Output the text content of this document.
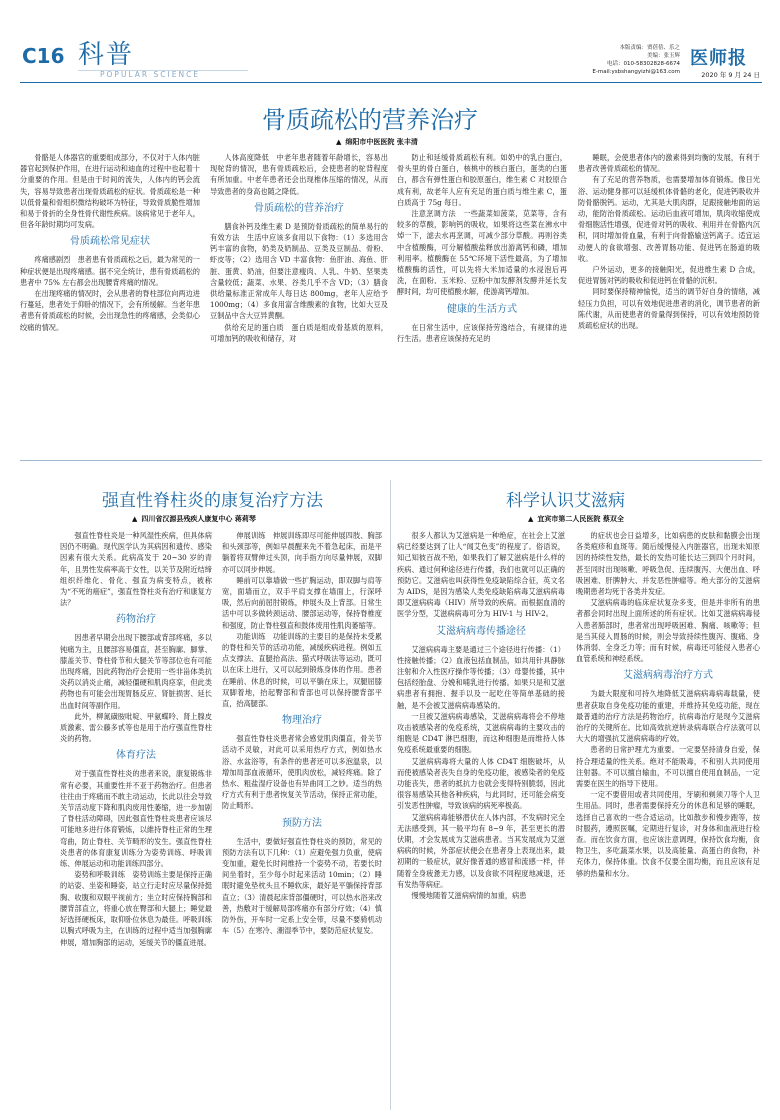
C16 科普
POPULAR SCIENCE
本版责编：贾蓓蓓、乐之
美编：张玉辉
电话：010-58302828-6674
E-mail:ysbshangyizhi@163.com
医师报
2020 年 9 月 24 日
骨质疏松的营养治疗
▲ 绵阳市中医医院 张丰清

骨骼是人体器官的重要组成部分，不仅对于人体内脏器官起到保护作用，在进行运动和迪血的过程中也起着十分重要的作用。但是由于时间的流失，人体内的钙会流失，容易导致患者出现骨质疏松的症状。骨质疏松是一种以低骨量和骨组织微结构破坏为特征，导致骨质脆性增加和易于骨折的全身性骨代谢性疾病。该病常见于老年人，但各年龄时期均可发病。

骨质疏松常见症状

疼痛感剧烈　患者患有骨质疏松之后，最为常见的一种症状便是出现疼痛感。据不完全统计，患有骨质疏松的患者中 75% 左右都会出现腰背疼痛的情况。

在出现疼痛的情况时，会从患者的脊柱部位向两边进行蔓延，患者处于仰卧的情况下，会有所缓解。当老年患者患有骨质疏松的时候，会出现急性的疼痛感，会类似心绞痛的情况。

人体高度降低　中老年患者随着年龄增长，容易出现驼背的情况，患有骨质疏松后，会使患者的驼背程度有所加重。中老年患者还会出现椎体压缩的情况，从而导致患者的身高也随之降低。

骨质疏松的营养治疗

膳食补钙及维生素 D 是预防骨质疏松的简单易行的有效方法　生活中应该多食用以下食物：（1）多选用含钙丰富的食物，奶类及奶制品、豆类及豆制品、骨粉、虾皮等；（2）选用含 VD 丰富食物：鱼肝油、海鱼、肝脏、蛋黄、奶油，但要注意瘦肉、人乳、牛奶、坚果类含量较低；蔬菜、水果、谷类几乎不含 VD；（3）膳食供给量标准正常成年人每日达 800mg，老年人应给予 1000mg；（4）多食用富含维酸素的食物，比如大豆及豆制品中含大豆异黄酮。

供给充足的蛋白质　蛋白质是组成骨基质的原料，可增加钙的吸收和储存，对

防止和延缓骨质疏松有利。如奶中的乳白蛋白，骨头里的骨白蛋白，核桃中的核白蛋白，蛋类的白蛋白，都含有弹性蛋白和胶原蛋白，维生素 C 对胶原合成有利，故老年人应有充足的蛋白质与维生素 C，蛋白质高于 75g 每日。

注意烹调方法　一些蔬菜如菠菜，苋菜等，含有较多的草酸，影响钙的吸收，如果将这些菜在沸水中焯一下，滤去水再烹调，可减少部分草酸。再则谷类中含植酸酶，可分解植酸盐释放出游离钙和磷，增加利用率。植酸酶在 55℃环境下活性最高，为了增加植酸酶的活性，可以先将大米加适量的水浸泡后再洗，在面粉、玉米粉、豆粉中加发酵剂发酵并延长发酵时间，均可使植酸水解，使游离钙增加。

健康的生活方式

在日常生活中，应该保持劳逸结合，有规律的进行生活。患者应该保持充足的

睡眠，会使患者体内的激素得到均衡的发展，有利于患者改善骨质疏松的情况。

有了充足的营养物质，也需要增加体育锻炼。像日光浴、运动健身都可以延缓机体骨骼的老化，促进钙吸收并防骨骼脱钙。运动，尤其是大肌肉群，足跟接触地面的运动，能防治骨质疏松。运动后血液可增加，肌肉收缩使成骨细胞活性增强，促进骨对钙的吸收、利用并在骨骼内沉积，同时增加骨血量，有利于向骨骼输送钙离子。适宜运动便人的食欲增强、改善胃肠功能、促进钙在肠道的吸收。

户外运动，更多的接触阳光，促进维生素 D 合成，促进胃肠对钙的吸收和促进钙在骨骼的沉积。

同时要保持精神愉悦，适当的调节好自身的情绪，减轻压力负担，可以有效地促进患者的消化，调节患者的新陈代谢，从而使患者的骨量得到保持，可以有效地预防骨质疏松症状的出现。

强直性脊柱炎的康复治疗方法
▲ 四川省汉源县残疾人康复中心 蒋莉琴

强直性脊柱炎是一种风湿性疾病，但具体病因仍不明确。现代医学认为其病因和遗传、感染因素有很大关系。此病高发于 20~30 岁的青年，且男性发病率高于女性，以关节及附近结缔组织纤维化、骨化、强直为病变特点，被称为“不死的癌症”，强直性脊柱炎有治疗和康复方法？

药物治疗

因患者早期会出现下腰部或背部疼痛，多以钝痛为主，且腰部容易僵直，甚至胸廓、脚掌、膝盖关节、脊柱骨节和大腿关节等部位也有可能出现疼痛，因此药物治疗会使用一些非甾体类抗炎药以消炎止痛，减轻僵硬和肌肉痉挛，但此类药物也有可能会出现胃肠反应、肾脏损害、延长出血时间等副作用。

此外，柳氮磺胺吡啶、甲氨蝶呤、肾上腺皮质激素、雷公藤多甙等也是用于治疗强直性脊柱炎的药物。

体育疗法

对于强直性脊柱炎的患者来说，康复锻炼非常有必要，其重要性并不亚于药物治疗。但患者往往由于疼痛而不敢主动运动，长此以往会导致关节活动度下降和肌肉废用性萎缩，进一步加剧了脊柱活动障碍，因此强直性脊柱炎患者应该尽可能地多进行体育锻炼，以維持脊柱正常的生理弯曲，防止脊柱、关节畸形的发生。强直性脊柱炎患者的体育康复训练分为姿势训练、呼吸训练、伸展运动和功能训练四部分。

姿势和呼吸训练　姿势训练主要是保持正确的站姿、坐姿和睡姿，站立行走时应尽量保持挺胸、收腹和双眼平视前方；坐立时应保持胸部和腰背部直立，将重心放在臀部和大腿上；睡觉最好选择硬板床，取仰卧位休息为最佳。呼吸训练以胸式呼吸为主，在训练的过程中适当加强胸廓伸展，增加胸部的运动，延缓关节的僵直进展。

伸展训练　伸展训练即尽可能伸展四肢、胸部和头颈部等，例如早晨醒来先不着急起床，而是平躺着将双臂伸过头顶，向手指方向尽量伸展，双脚亦可以同步伸展。

睡前可以靠墙做一些扩胸运动，即双脚与肩等宽，面墙而立，双手平肩支撑在墙面上，行深呼吸，然后向前屈肘锻炼，伸展头及上背部。日常生活中可以多做转颈运动、腰部运动等，保持脊椎度和强度，防止脊柱强直和鼓体废用性肌肉萎缩等。

功能训练　功能训练的主要目的是保持未受累的脊柱和关节的活动功能，减缓疾病进程。例如五点支撑法、直腿抬高法、猫式呼吸法等运动，既可以在床上进行，又可以起到锻炼身体的作用。患者在睡前、休息的时候，可以平躺在床上，双腿屈膝双脚着地，抬起臀部和背部也可以保持腰背部平直，抬高腿部。

物理治疗

强直性脊柱炎患者常会感觉肌肉僵直，骨关节活动不灵敏，对此可以采用热疗方式，例如热水浴、水盆浴等，有条件的患者还可以多泡温泉，以增加局部血液循环，使肌肉放松，减轻疼痛。除了热水、粗盐湿疗设备也有异曲同工之妙。适当的热疗方式有利于患者恢复关节活动，保持正常功能，防止畸形。

预防方法

生活中，要做好强直性脊柱炎的预防，常见的预防方法有以下几种：（1）应避免强力负重，使病变加重，避免长时间维持一个姿势不动，若要长时间坐着时，至少每小时起来活动 10min；（2）睡眠时避免垫枕头且不睡软床，最好是平躺保持背部直立；（3）清晨起床背部僵硬时，可以热水浴来改善，热敷对于缓解局部疼痛亦有部分疗效；（4）慎防外伤，开车时一定系上安全带，尽量不要骑机动车（5）在寒冷、潮湿季节中，要防范症状复发。

科学认识艾滋病
▲ 宜宾市第二人民医院 蔡双全

很多人都认为艾滋病是一种绝症，在社会上艾滋病已经要达到了让人“闻艾色变”的程度了。俗语说，知己知彼百战不殆，如果我们了解艾滋病是什么样的疾病、通过何种途径进行传播，我们也就可以正确的预防它。艾滋病也叫获得性免疫缺陷综合征，英文名为 AIDS，是因为感染人类免疫缺陷病毒艾滋病病毒即艾滋病病毒（HIV）所导致的疾病。而根据血清的医学分型，艾滋病病毒可分为 HIV-1 与 HIV-2。

艾滋病病毒传播途径

艾滋病病毒主要是通过三个途径进行传播：（1）性接触传播；（2）血液包括血制品，如共用针具静脉注射和介入性医疗操作等传播；（3）母婴传播，其中包括经胎盘、分娩和哺乳进行传播。如果只是和艾滋病患者有拥抱、握手以及一起吃住等简单基础的接触，是不会被艾滋病病毒感染的。

一旦被艾滋病病毒感染，艾滋病病毒将会不停地攻击被感染者的免疫系统，艾滋病病毒的主要攻击的细胞是 CD4T 淋巴细胞，而这种细胞是而维持人体免疫系统最重要的细胞。

艾滋病病毒将大量的人体 CD4T 细胞破坏，从而使被感染者丧失自身的免疫功能，被感染者的免疫功能丧失，患者的抵抗力也就会变得特别脆弱，因此很容易感染其他各种疾病，与此同时，还可能会病变引发恶性肿瘤，导致该病的病死率极高。

艾滋病病毒能够潜伏在人体内部，不发病时完全无法感受到，其一般平均有 8~9 年，甚至更长的潜伏期，才会发展成为艾滋病患者。当其发展成为艾滋病病的时候，外部症状便会在患者身上表现出来，最初期的一般症状，就好像普通的感冒和流感一样，伴随着全身疲惫无力感，以及食欲不同程度地减退，还有发热等病症。

慢慢地随着艾滋病病情的加重，病患

的症状也会日益增多，比如病患的皮肤和黏膜会出现各类疱疹和血斑等。随后缓慢侵入内脏器官，出现未知原因的持续性发热，最长的发热可能长达三到四个月时间，甚至同时出现咳嗽、呼吸急促、连续腹泻、大便出血、呼吸困难、肝脾肿大、并发恶性肿瘤等。绝大部分的艾滋病晚期患者均死于各类并发症。

艾滋病病毒的临床症状复杂多变，但是并非所有的患者都会同时出现上面所述的所有症状。比如艾滋病病毒侵入患者肺部时，患者常出现呼吸困难、胸痛、咳嗽等；但是当其侵入胃肠的时候，则会导致持续性腹泻、腹痛、身体消弱、全身乏力等；而有时候，病毒还可能侵入患者心血管系统和神经系统。

艾滋病病毒治疗方式

为最大限度和可持久地降低艾滋病病毒病毒载量，使患者获取自身免疫功能的重建，并维持其免疫功能，现在最普通的治疗方法是药物治疗，抗病毒治疗是现今艾滋病治疗的关键所在。比如高效抗逆转录病毒联合疗法就可以大大的增强抗艾滋病病毒的疗效。

患者的日常护理尤为重要。一定要坚持清身自爱，保持合理适量的性关系。绝对不能吸毒，不和别人共同使用注射器。不可以擅自输血，不可以擅自使用血制品，一定需要在医生的指导下使用。

一定不要借用或者共同使用，牙刷和剃须刀等个人卫生用品。同时，患者需要保持充分的休息和足够的睡眠，选择自己喜欢的一些合适运动，比如散步和慢步跑等，按时服药，遵照医嘱，定期进行复诊，对身体和血液进行检查。而在饮食方面，也应该注意调理，保持饮食均衡，食物卫生，多吃蔬菜水果，以及高能量、高蛋白的食物，补充体力，保持体重。饮食不仅要全面均衡，而且应该有足够的热量和水分。
